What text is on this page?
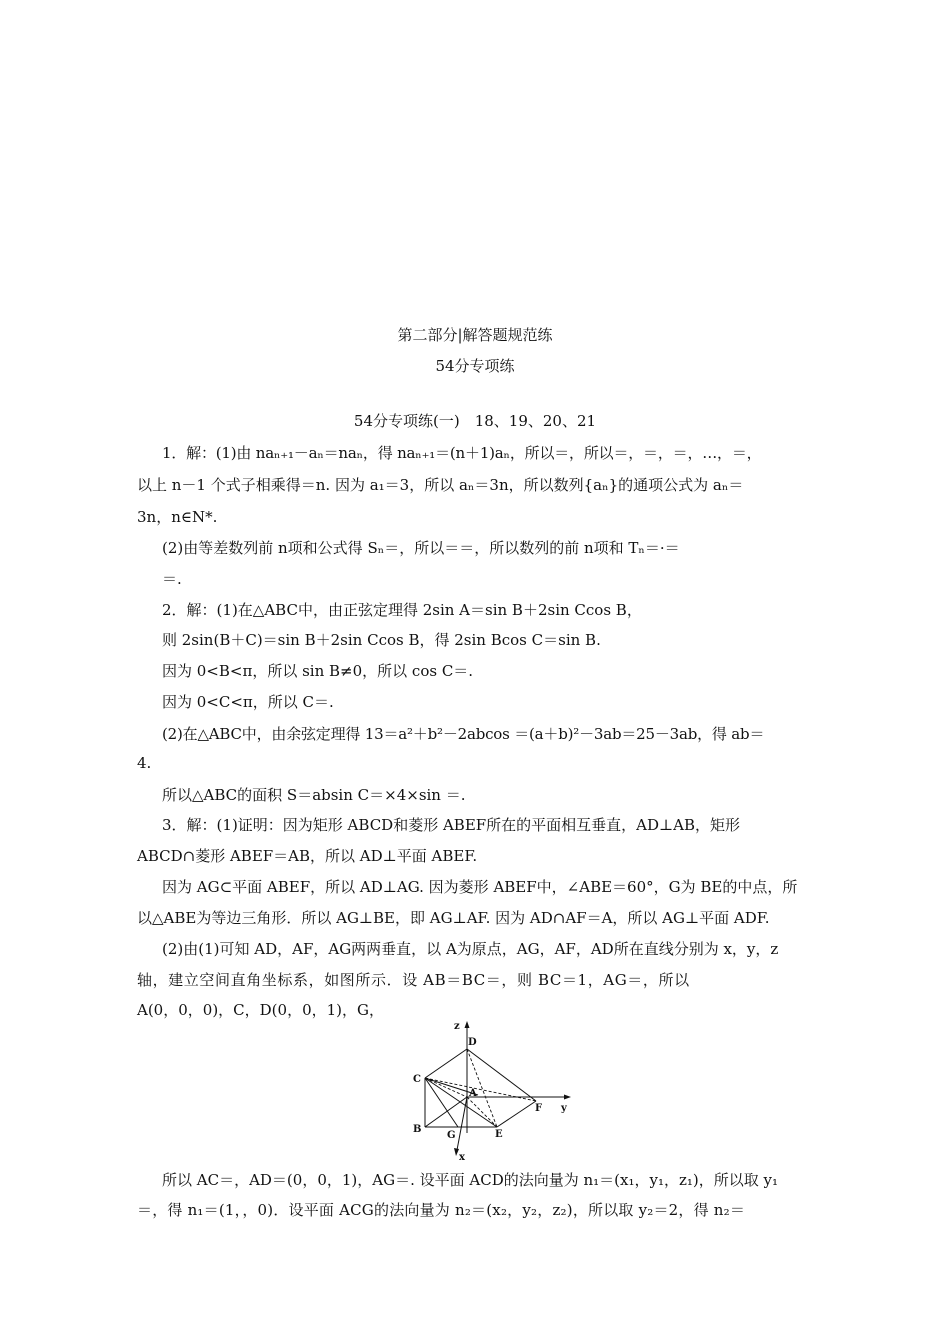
第二部分|解答题规范练
54分专项练
54分专项练(一)　18、19、20、21
1．解：(1)由 naₙ₊₁－aₙ＝naₙ，得 naₙ₊₁＝(n＋1)aₙ，所以＝，所以＝，＝，＝，…，＝，
以上 n－1 个式子相乘得＝n. 因为 a₁＝3，所以 aₙ＝3n，所以数列{aₙ}的通项公式为 aₙ＝
3n，n∈N*.
(2)由等差数列前 n项和公式得 Sₙ＝，所以＝＝，所以数列的前 n项和 Tₙ＝·＝
＝.
2．解：(1)在△ABC中，由正弦定理得 2sin A＝sin B＋2sin Ccos B，
则 2sin(B＋C)＝sin B＋2sin Ccos B，得 2sin Bcos C＝sin B.
因为 0<B<π，所以 sin B≠0，所以 cos C＝.
因为 0<C<π，所以 C＝.
(2)在△ABC中，由余弦定理得 13＝a²＋b²－2abcos ＝(a＋b)²－3ab＝25－3ab，得 ab＝
4.
所以△ABC的面积 S＝absin C＝×4×sin ＝.
3．解：(1)证明：因为矩形 ABCD和菱形 ABEF所在的平面相互垂直，AD⊥AB，矩形
ABCD∩菱形 ABEF＝AB，所以 AD⊥平面 ABEF.
因为 AG⊂平面 ABEF，所以 AD⊥AG. 因为菱形 ABEF中，∠ABE＝60°，G为 BE的中点，所
以△ABE为等边三角形．所以 AG⊥BE，即 AG⊥AF. 因为 AD∩AF＝A，所以 AG⊥平面 ADF.
(2)由(1)可知 AD，AF，AG两两垂直，以 A为原点，AG，AF，AD所在直线分别为 x，y，z
轴，建立空间直角坐标系，如图所示．设 AB＝BC＝，则 BC＝1，AG＝，所以
A(0，0，0)，C，D(0，0，1)，G，
z
D
C
A
F y
B
G	E
x
所以 AC＝，AD＝(0，0，1)，AG＝. 设平面 ACD的法向量为 n₁＝(x₁，y₁，z₁)，所以取 y₁
＝，得 n₁＝(1，，0)．设平面 ACG的法向量为 n₂＝(x₂，y₂，z₂)，所以取 y₂＝2，得 n₂＝
